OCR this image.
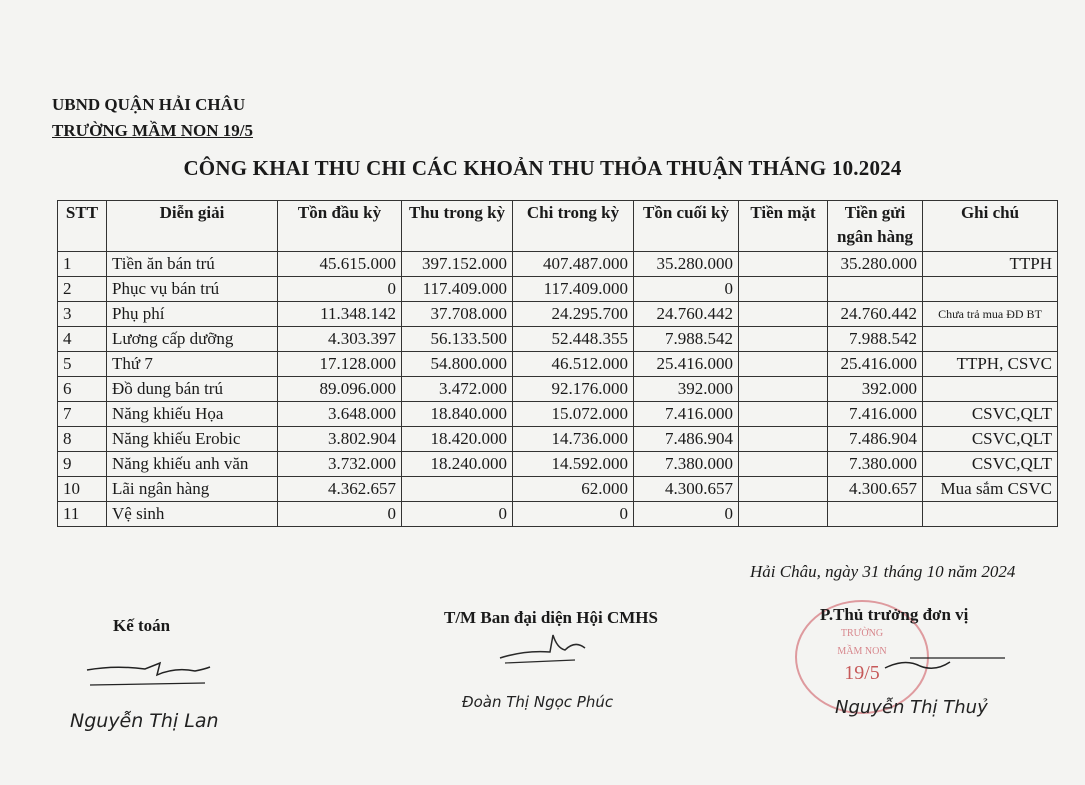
UBND QUẬN HẢI CHÂU
TRƯỜNG MẦM NON 19/5
CÔNG KHAI THU CHI CÁC KHOẢN THU THỎA THUẬN THÁNG 10.2024
STT	Diễn giải	Tồn đầu kỳ	Thu trong kỳ	Chi trong kỳ	Tồn cuối kỳ	Tiền mặt	Tiền gửi ngân hàng	Ghi chú
1	Tiền ăn bán trú	45.615.000	397.152.000	407.487.000	35.280.000		35.280.000	TTPH
2	Phục vụ bán trú	0	117.409.000	117.409.000	0			
3	Phụ phí	11.348.142	37.708.000	24.295.700	24.760.442		24.760.442	Chưa trả mua ĐD BT
4	Lương cấp dưỡng	4.303.397	56.133.500	52.448.355	7.988.542		7.988.542	
5	Thứ 7	17.128.000	54.800.000	46.512.000	25.416.000		25.416.000	TTPH, CSVC
6	Đồ dung bán trú	89.096.000	3.472.000	92.176.000	392.000		392.000	
7	Năng khiếu Họa	3.648.000	18.840.000	15.072.000	7.416.000		7.416.000	CSVC,QLT
8	Năng khiếu Erobic	3.802.904	18.420.000	14.736.000	7.486.904		7.486.904	CSVC,QLT
9	Năng khiếu anh văn	3.732.000	18.240.000	14.592.000	7.380.000		7.380.000	CSVC,QLT
10	Lãi ngân hàng	4.362.657		62.000	4.300.657		4.300.657	Mua sắm CSVC
11	Vệ sinh	0	0	0	0			
Hải Châu, ngày 31 tháng 10 năm 2024
Kế toán
Nguyễn Thị Lan
T/M Ban đại diện Hội CMHS
Đoàn Thị Ngọc Phúc
TRƯỜNG
MẦM NON
19/5
P.Thủ trưởng đơn vị
Nguyễn Thị Thuỷ
